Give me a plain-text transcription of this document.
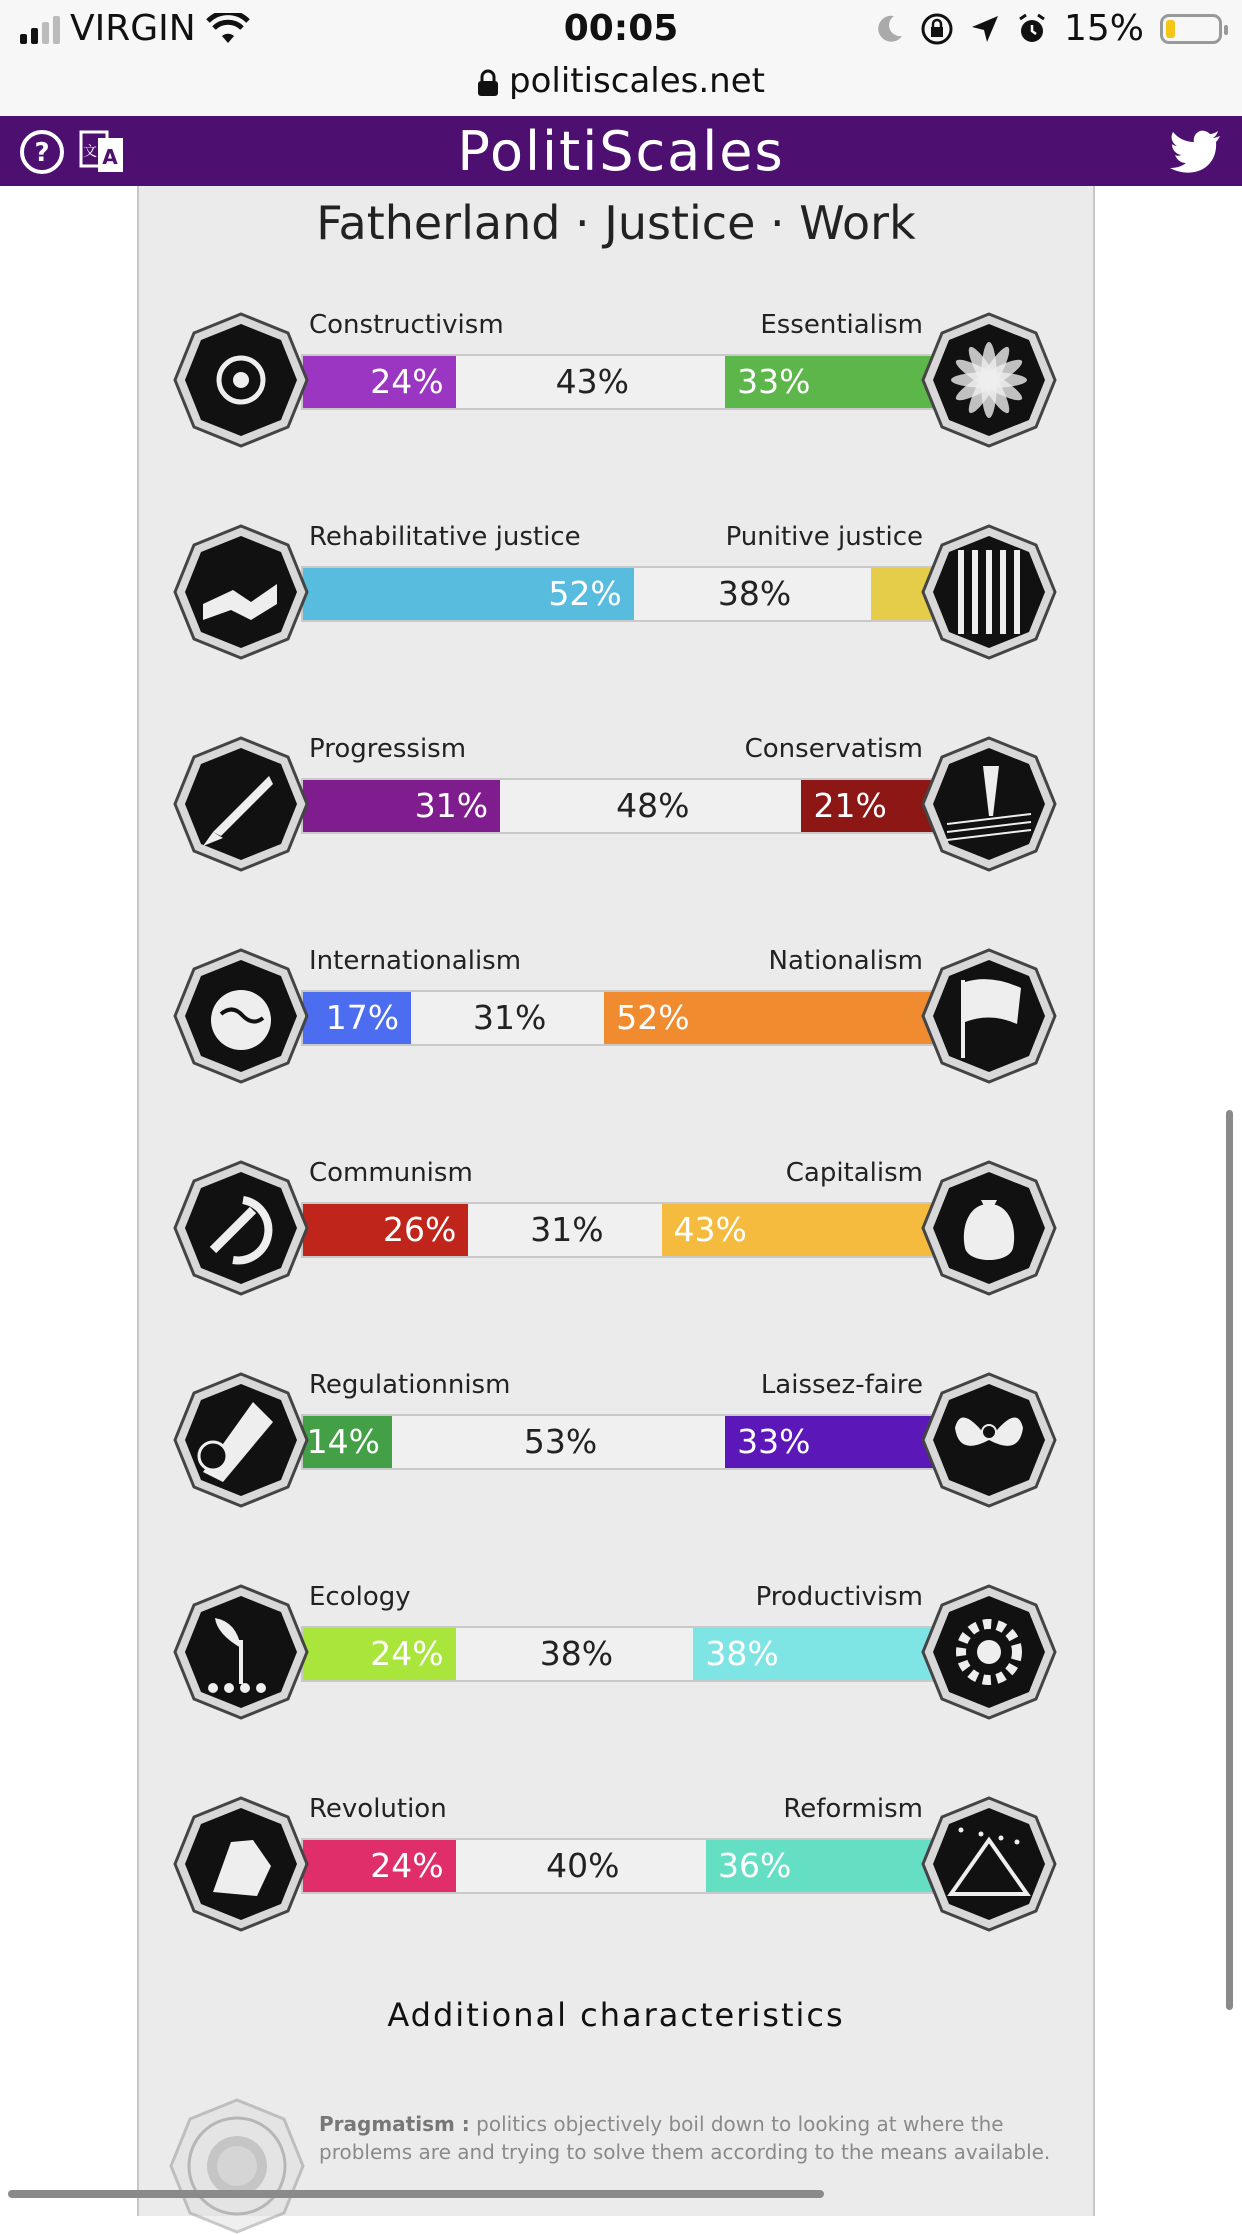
VIRGIN	00:05	15%
politiscales.net
?	A
文	PolitiScales
Fatherland · Justice · Work
Constructivism	Essentialism
24%	43%	33%
Rehabilitative justice	Punitive justice
52%	38%
Progressism	Conservatism
31%	48%	21%
Internationalism	Nationalism
17%	31%	52%
Communism	Capitalism
26%	31%	43%
Regulationnism	Laissez-faire
14%	53%	33%
Ecology	Productivism
24%	38%	38%
Revolution	Reformism
24%	40%	36%
Additional characteristics
Pragmatism : politics objectively boil down to looking at where the problems are and trying to solve them according to the means available.
